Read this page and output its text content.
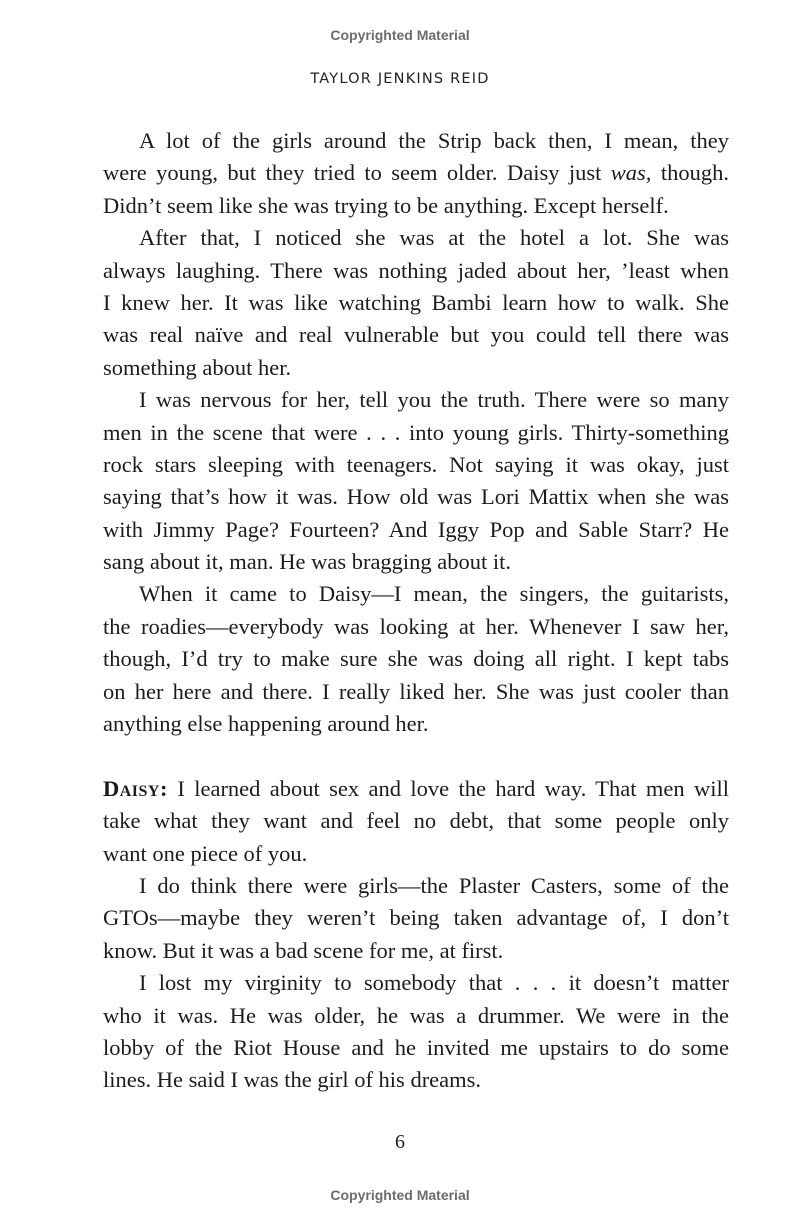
Copyrighted Material
TAYLOR JENKINS REID
A lot of the girls around the Strip back then, I mean, they
were young, but they tried to seem older. Daisy just was, though.
Didn’t seem like she was trying to be anything. Except herself.
After that, I noticed she was at the hotel a lot. She was
always laughing. There was nothing jaded about her, ’least when
I knew her. It was like watching Bambi learn how to walk. She
was real naïve and real vulnerable but you could tell there was
something about her.
I was nervous for her, tell you the truth. There were so many
men in the scene that were . . . into young girls. Thirty-something
rock stars sleeping with teenagers. Not saying it was okay, just
saying that’s how it was. How old was Lori Mattix when she was
with Jimmy Page? Fourteen? And Iggy Pop and Sable Starr? He
sang about it, man. He was bragging about it.
When it came to Daisy—I mean, the singers, the guitarists,
the roadies—everybody was looking at her. Whenever I saw her,
though, I’d try to make sure she was doing all right. I kept tabs
on her here and there. I really liked her. She was just cooler than
anything else happening around her.
Daisy: I learned about sex and love the hard way. That men will
take what they want and feel no debt, that some people only
want one piece of you.
I do think there were girls—the Plaster Casters, some of the
GTOs—maybe they weren’t being taken advantage of, I don’t
know. But it was a bad scene for me, at first.
I lost my virginity to somebody that . . . it doesn’t matter
who it was. He was older, he was a drummer. We were in the
lobby of the Riot House and he invited me upstairs to do some
lines. He said I was the girl of his dreams.
6
Copyrighted Material
